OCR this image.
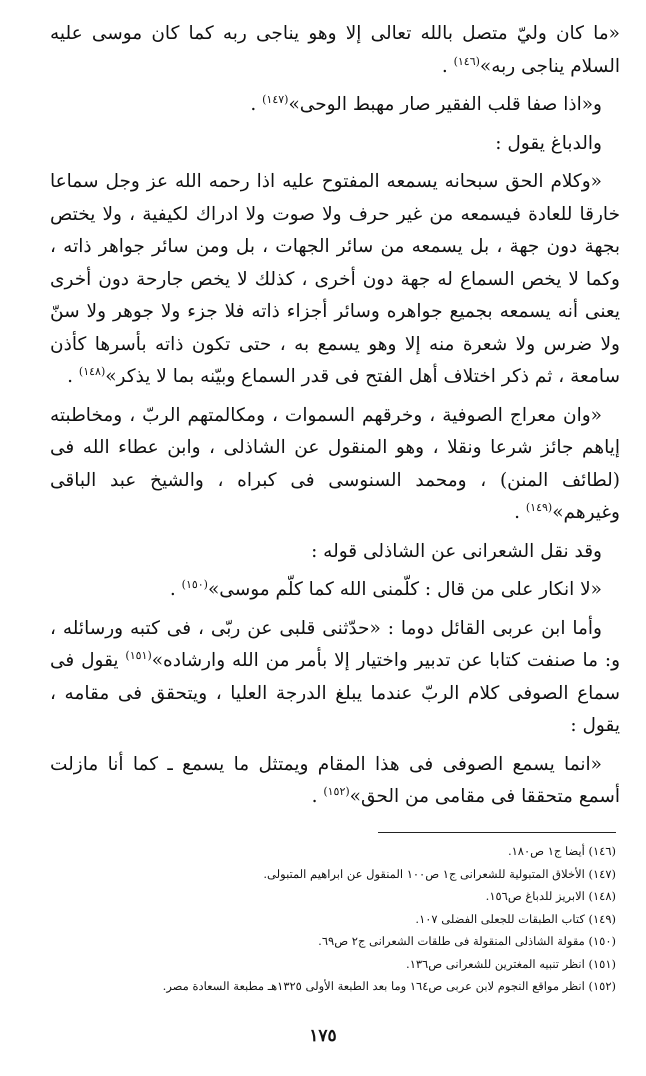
«ما كان وليّ متصل بالله تعالى إلا وهو يناجى ربه كما كان موسى عليه السلام يناجى ربه»$^{(١٤٦)}$ .

و«اذا صفا قلب الفقير صار مهبط الوحى»$^{(١٤٧)}$ .

والدباغ يقول :

«وكلام الحق سبحانه يسمعه المفتوح عليه اذا رحمه الله عز وجل سماعا خارقا للعادة فيسمعه من غير حرف ولا صوت ولا ادراك لكيفية ، ولا يختص بجهة دون جهة ، بل يسمعه من سائر الجهات ، بل ومن سائر جواهر ذاته ، وكما لا يخص السماع له جهة دون أخرى ، كذلك لا يخص جارحة دون أخرى يعنى أنه يسمعه بجميع جواهره وسائر أجزاء ذاته فلا جزء ولا جوهر ولا سنّ ولا ضرس ولا شعرة منه إلا وهو يسمع به ، حتى تكون ذاته بأسرها كأذن سامعة ، ثم ذكر اختلاف أهل الفتح فى قدر السماع وبيّنه بما لا يذكر»$^{(١٤٨)}$ .

«وان معراج الصوفية ، وخرقهم السموات ، ومكالمتهم الربّ ، ومخاطبته إياهم جائز شرعا ونقلا ، وهو المنقول عن الشاذلى ، وابن عطاء الله فى (لطائف المنن) ، ومحمد السنوسى فى كبراه ، والشيخ عبد الباقى وغيرهم»$^{(١٤٩)}$ .

وقد نقل الشعرانى عن الشاذلى قوله :

«لا انكار على من قال : كلّمنى الله كما كلّم موسى»$^{(١٥٠)}$ .

وأما ابن عربى القائل دوما : «حدّثنى قلبى عن ربّى ، فى كتبه ورسائله ، و: ما صنفت كتابا عن تدبير واختيار إلا بأمر من الله وارشاده»$^{(١٥١)}$ يقول فى سماع الصوفى كلام الربّ عندما يبلغ الدرجة العليا ، ويتحقق فى مقامه ، يقول :

«انما يسمع الصوفى فى هذا المقام ويمتثل ما يسمع ـ كما أنا مازلت أسمع متحققا فى مقامى من الحق»$^{(١٥٢)}$ .

(١٤٦) أيضا ج١ ص١٨٠.
(١٤٧) الأخلاق المتبولية للشعرانى ج١ ص١٠٠ المنقول عن ابراهيم المتبولى.
(١٤٨) الابريز للدباغ ص١٥٦.
(١٤٩) كتاب الطبقات للجعلى الفضلى ١٠٧.
(١٥٠) مقولة الشاذلى المنقولة فى طلقات الشعرانى ج٢ ص٦٩.
(١٥١) انظر تنبيه المغترين للشعرانى ص١٣٦.
(١٥٢) انظر مواقع النجوم لابن عربى ص١٦٤ وما بعد الطبعة الأولى ١٣٢٥هـ مطبعة السعادة مصر.
١٧٥
